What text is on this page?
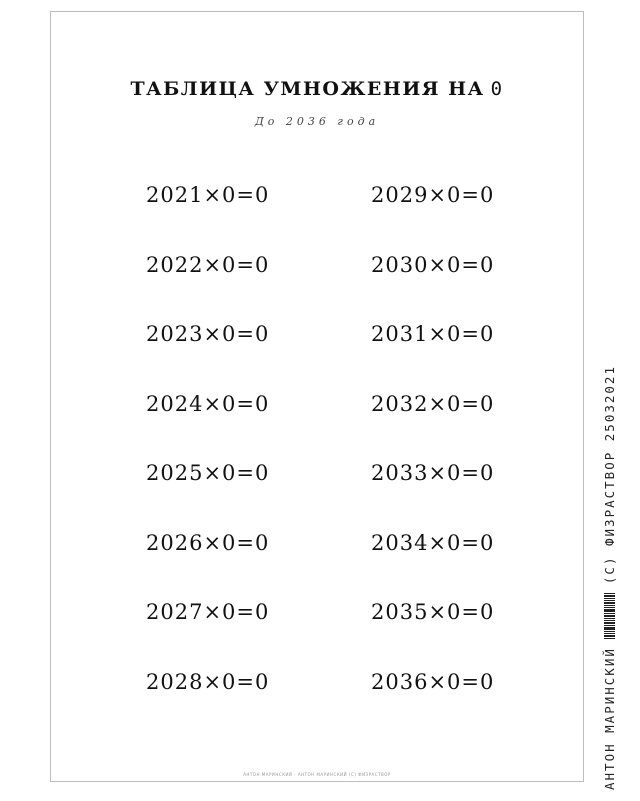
ТАБЛИЦА УМНОЖЕНИЯ НА 0
До 2036 года
2021×0=0
2022×0=0
2023×0=0
2024×0=0
2025×0=0
2026×0=0
2027×0=0
2028×0=0
2029×0=0
2030×0=0
2031×0=0
2032×0=0
2033×0=0
2034×0=0
2035×0=0
2036×0=0
АНТОН МАРИНСКИЙ · АНТОН МАРИНСКИЙ (С) ФИЗРАСТВОР	АНТОН МАРИНСКИЙ
(С) ФИЗРАСТВОР 25032021
